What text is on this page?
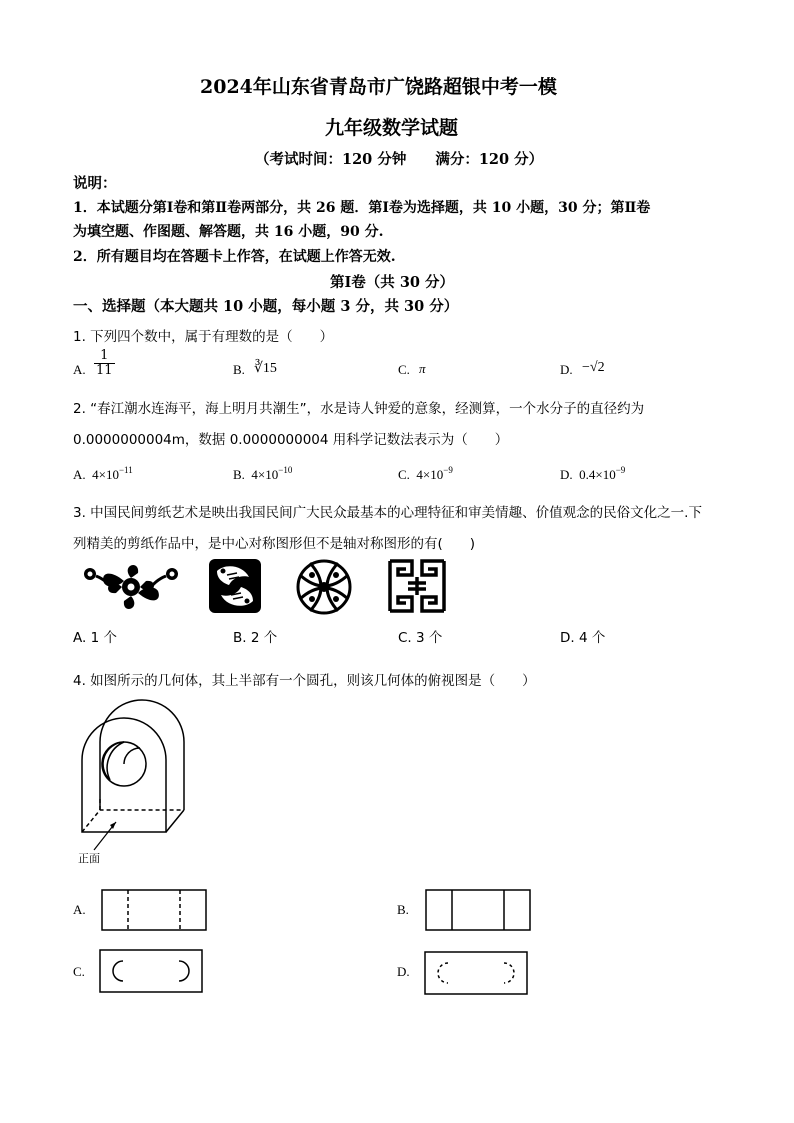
2024年山东省青岛市广饶路超银中考一模
九年级数学试题
（考试时间：120 分钟　　满分：120 分）
说明：
1．本试题分第Ⅰ卷和第Ⅱ卷两部分，共 26 题．第Ⅰ卷为选择题，共 10 小题，30 分；第Ⅱ卷
为填空题、作图题、解答题，共 16 小题，90 分.
2．所有题目均在答题卡上作答，在试题上作答无效.
第Ⅰ卷（共 30 分）
一、选择题（本大题共 10 小题，每小题 3 分，共 30 分）
1. 下列四个数中，属于有理数的是（　　）
A. $\frac{1}{11}$	B. ∛15	C. π	D. −√2
2. “春江潮水连海平，海上明月共潮生”，水是诗人钟爱的意象，经测算，一个水分子的直径约为
0.0000000004m，数据 0.0000000004 用科学记数法表示为（　　）
A. $4\times 10^{-11}$	B. $4\times 10^{-10}$	C. $4\times 10^{-9}$	D. $0.4\times 10^{-9}$
3. 中国民间剪纸艺术是映出我国民间广大民众最基本的心理特征和审美情趣、价值观念的民俗文化之一.下
列精美的剪纸作品中，是中心对称图形但不是轴对称图形的有(　　)
A. 1 个	B. 2 个	C. 3 个	D. 4 个
4. 如图所示的几何体，其上半部有一个圆孔，则该几何体的俯视图是（　　）
正面
A.	B.
C.	D.
